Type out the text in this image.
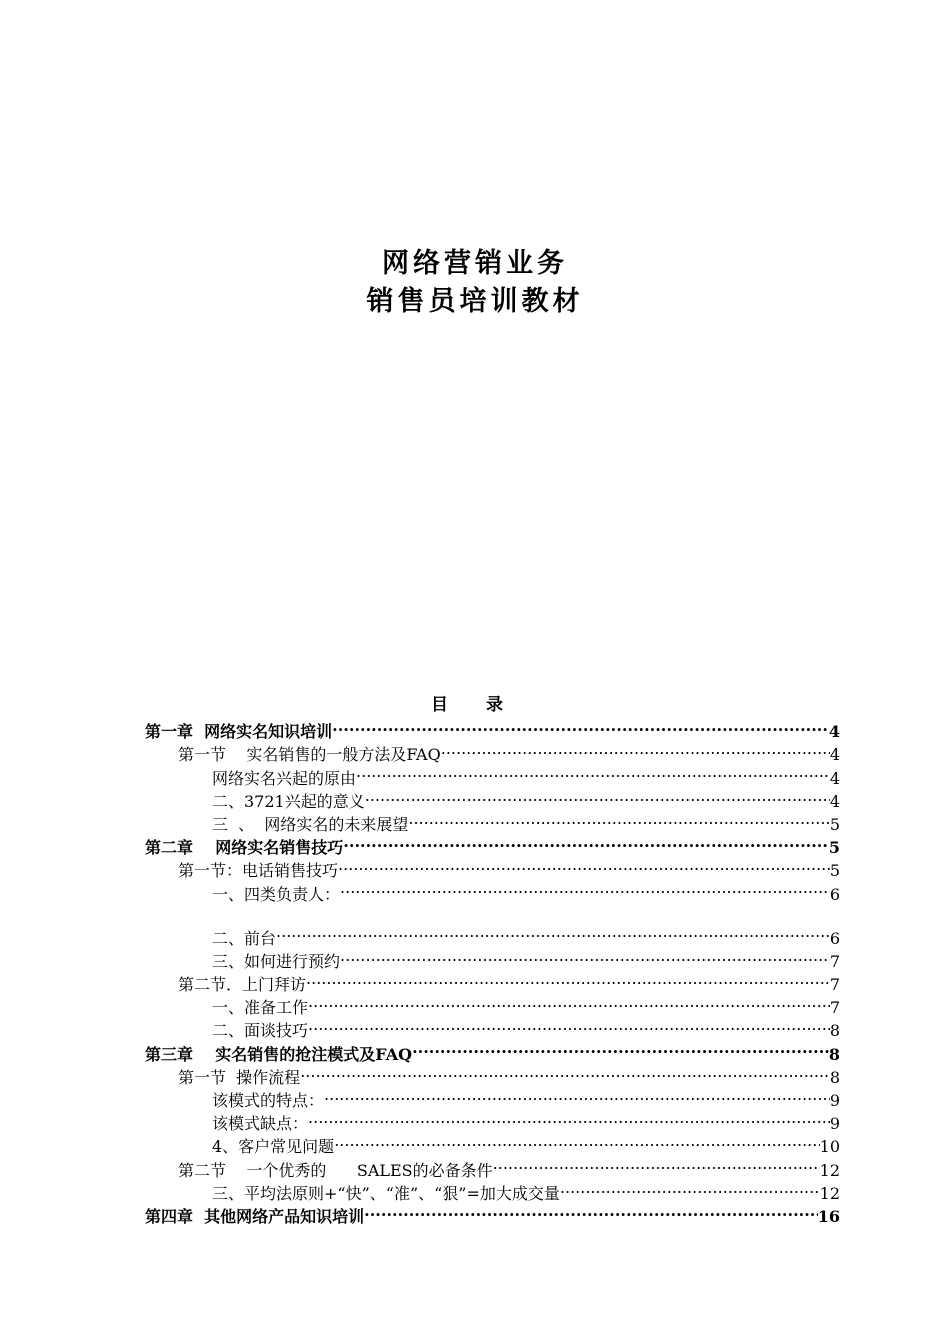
网络营销业务
销售员培训教材
目 录
第一章  网络实名知识培训 .....	4
第一节    实名销售的一般方法及FAQ .....	4
网络实名兴起的原由 .....	4
二、3721兴起的意义 .....	4
三  、  网络实名的未来展望 .....	5
第二章    网络实名销售技巧 .....	5
第一节：电话销售技巧 .....	5
一、四类负责人： .....	6
二、前台 .....	6
三、如何进行预约 .....	7
第二节．上门拜访 .....	7
一、准备工作 .....	7
二、面谈技巧 .....	8
第三章    实名销售的抢注模式及FAQ .....	8
第一节  操作流程 .....	8
该模式的特点： .....	9
该模式缺点： .....	9
4、客户常见问题 .....	10
第二节    一个优秀的      SALES的必备条件 .....	12
三、平均法原则+“快”、“准”、“狠”=加大成交量 .....	12
第四章  其他网络产品知识培训 .....	16
